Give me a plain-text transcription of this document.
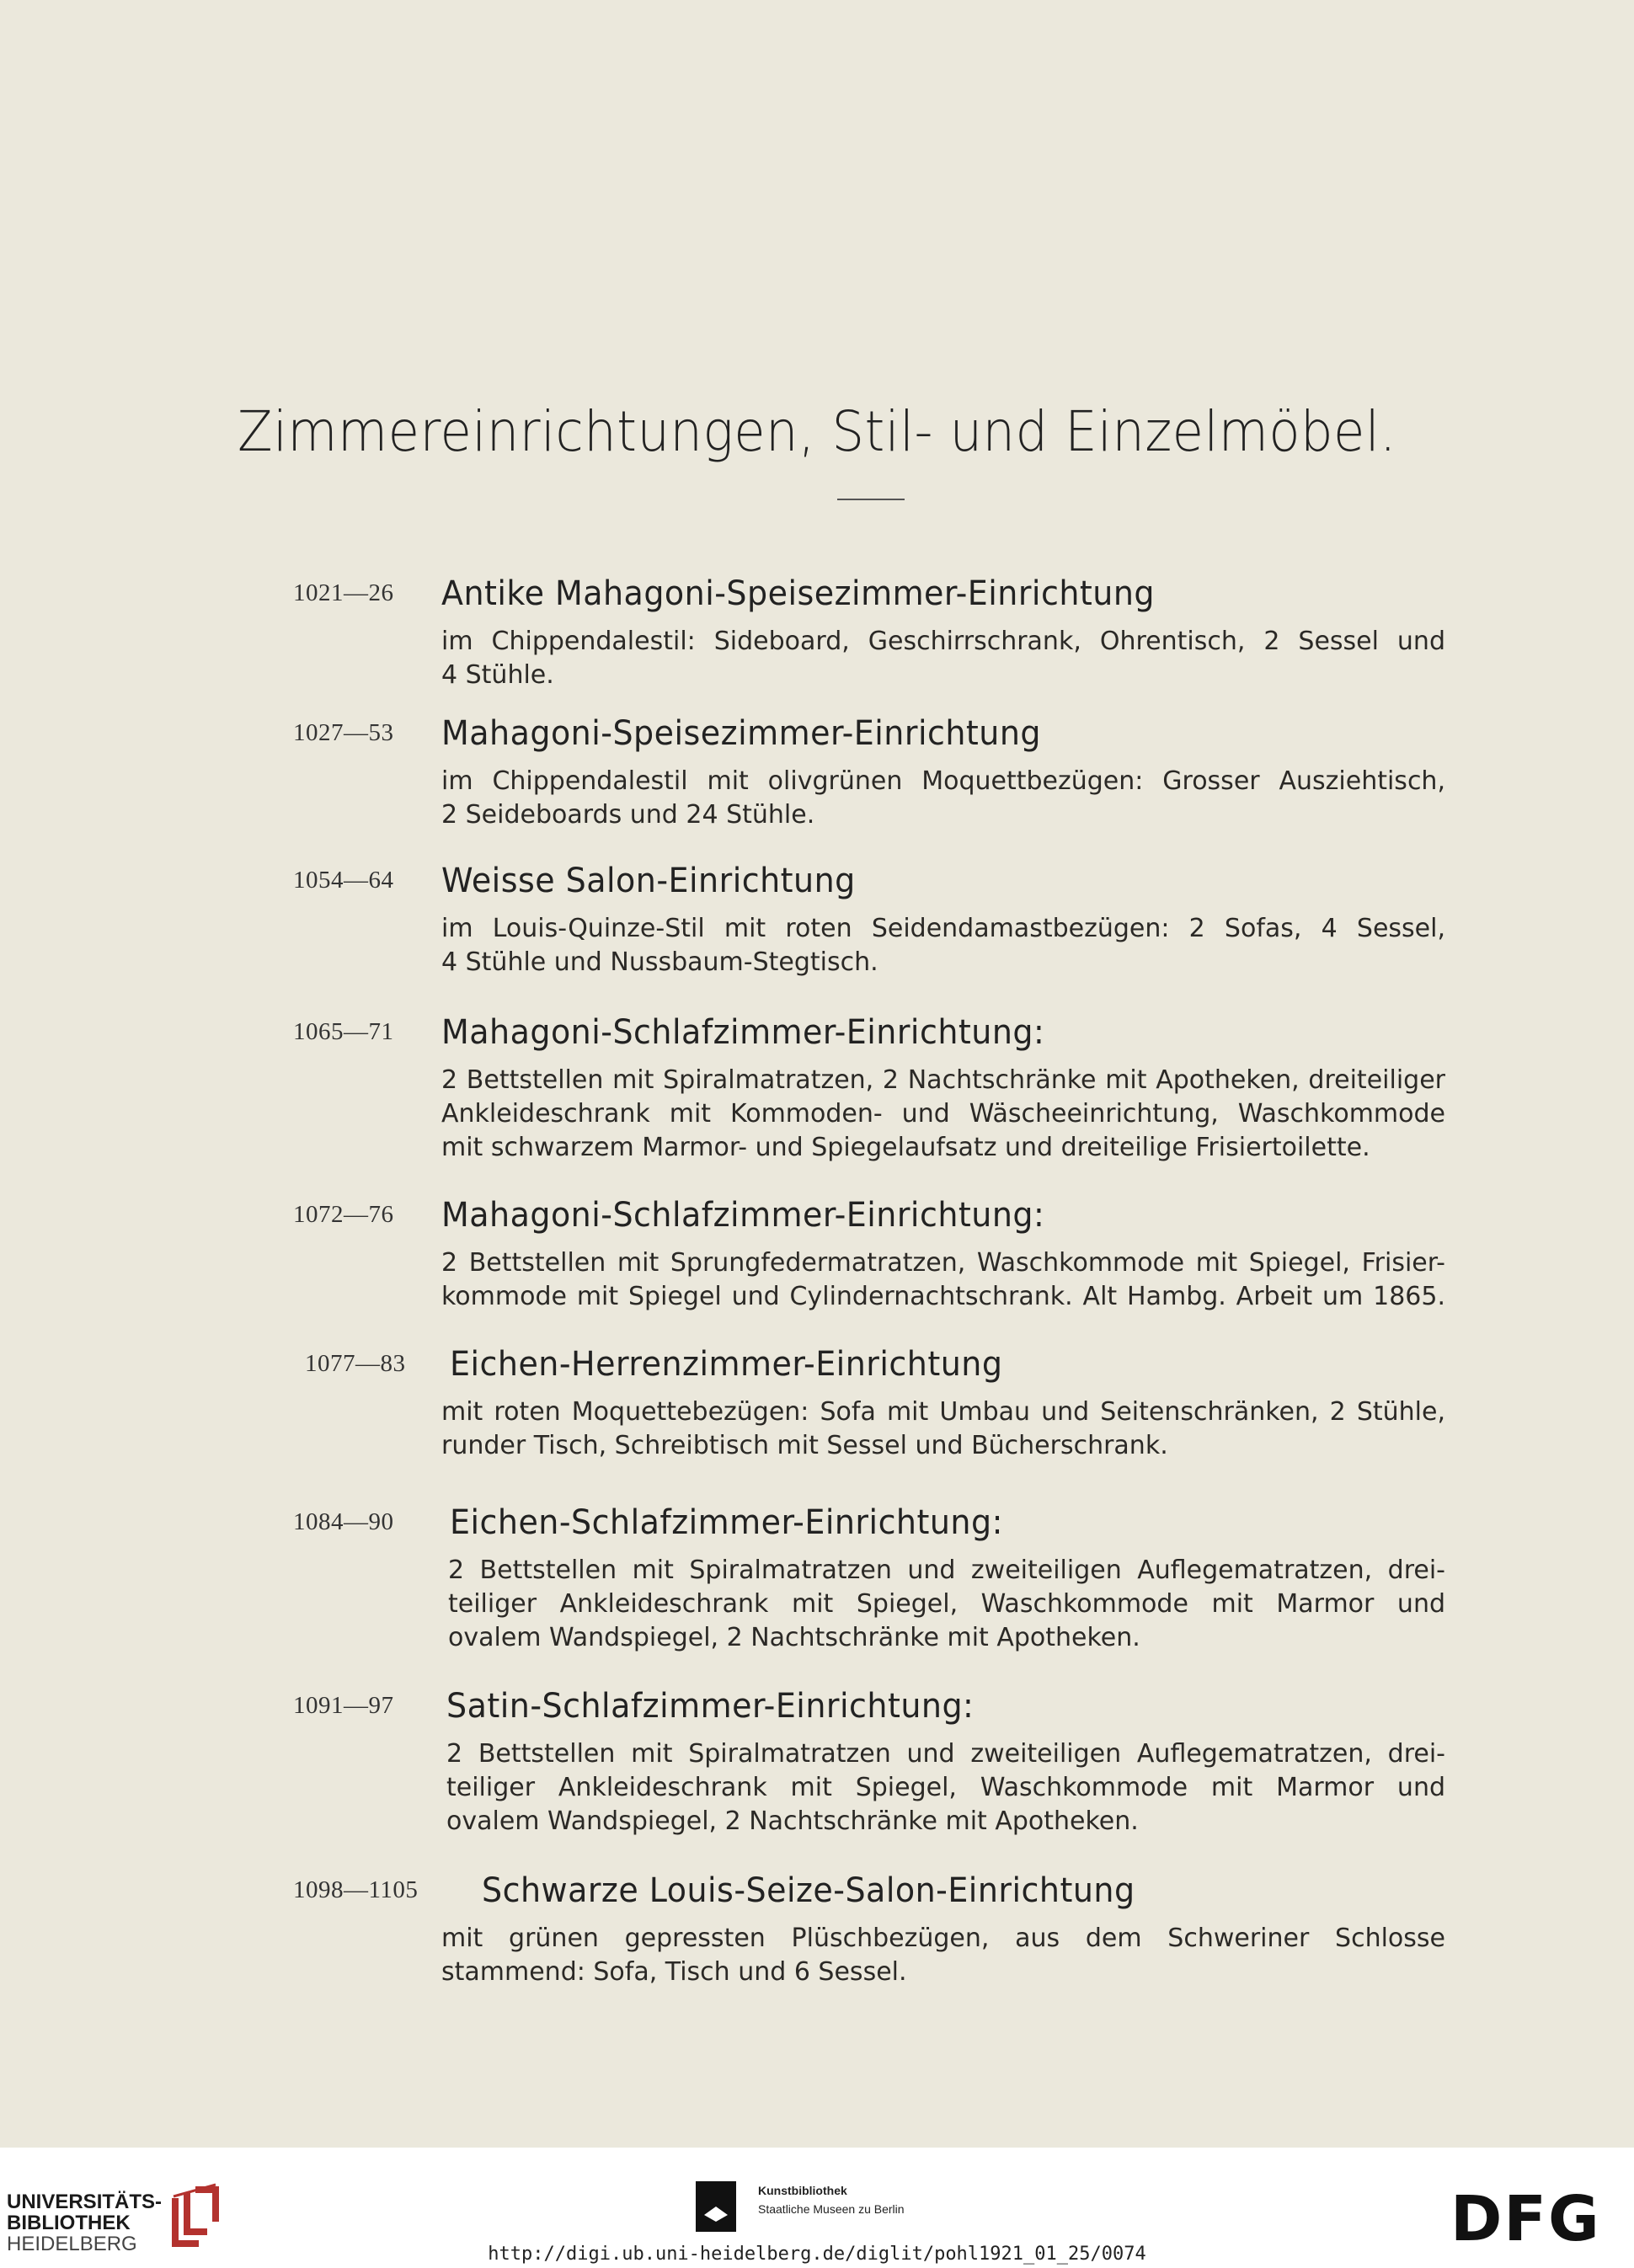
Zimmereinrichtungen, Stil- und Einzelmöbel.
1021—26	Antike Mahagoni-Speisezimmer-Einrichtung
im Chippendalestil: Sideboard, Geschirrschrank, Ohrentisch, 2 Sessel und
4 Stühle.
1027—53	Mahagoni-Speisezimmer-Einrichtung
im Chippendalestil mit olivgrünen Moquettbezügen: Grosser Ausziehtisch,
2 Seideboards und 24 Stühle.
1054—64	Weisse Salon-Einrichtung
im Louis-Quinze-Stil mit roten Seidendamastbezügen: 2 Sofas, 4 Sessel,
4 Stühle und Nussbaum-Stegtisch.
1065—71	Mahagoni-Schlafzimmer-Einrichtung:
2 Bettstellen mit Spiralmatratzen, 2 Nachtschränke mit Apotheken, dreiteiliger
Ankleideschrank mit Kommoden- und Wäscheeinrichtung, Waschkommode
mit schwarzem Marmor- und Spiegelaufsatz und dreiteilige Frisiertoilette.
1072—76	Mahagoni-Schlafzimmer-Einrichtung:
2 Bettstellen mit Sprungfedermatratzen, Waschkommode mit Spiegel, Frisier-
kommode mit Spiegel und Cylindernachtschrank. Alt Hambg. Arbeit um 1865.
1077—83	Eichen-Herrenzimmer-Einrichtung
mit roten Moquettebezügen: Sofa mit Umbau und Seitenschränken, 2 Stühle,
runder Tisch, Schreibtisch mit Sessel und Bücherschrank.
1084—90	Eichen-Schlafzimmer-Einrichtung:
2 Bettstellen mit Spiralmatratzen und zweiteiligen Auflegematratzen, drei-
teiliger Ankleideschrank mit Spiegel, Waschkommode mit Marmor und
ovalem Wandspiegel, 2 Nachtschränke mit Apotheken.
1091—97	Satin-Schlafzimmer-Einrichtung:
2 Bettstellen mit Spiralmatratzen und zweiteiligen Auflegematratzen, drei-
teiliger Ankleideschrank mit Spiegel, Waschkommode mit Marmor und
ovalem Wandspiegel, 2 Nachtschränke mit Apotheken.
1098—1105	Schwarze Louis-Seize-Salon-Einrichtung
mit grünen gepressten Plüschbezügen, aus dem Schweriner Schlosse
stammend: Sofa, Tisch und 6 Sessel.
UNIVERSITÄTS-
BIBLIOTHEK
HEIDELBERG
Kunstbibliothek
Staatliche Museen zu Berlin	DFG
http://digi.ub.uni-heidelberg.de/diglit/pohl1921_01_25/0074
